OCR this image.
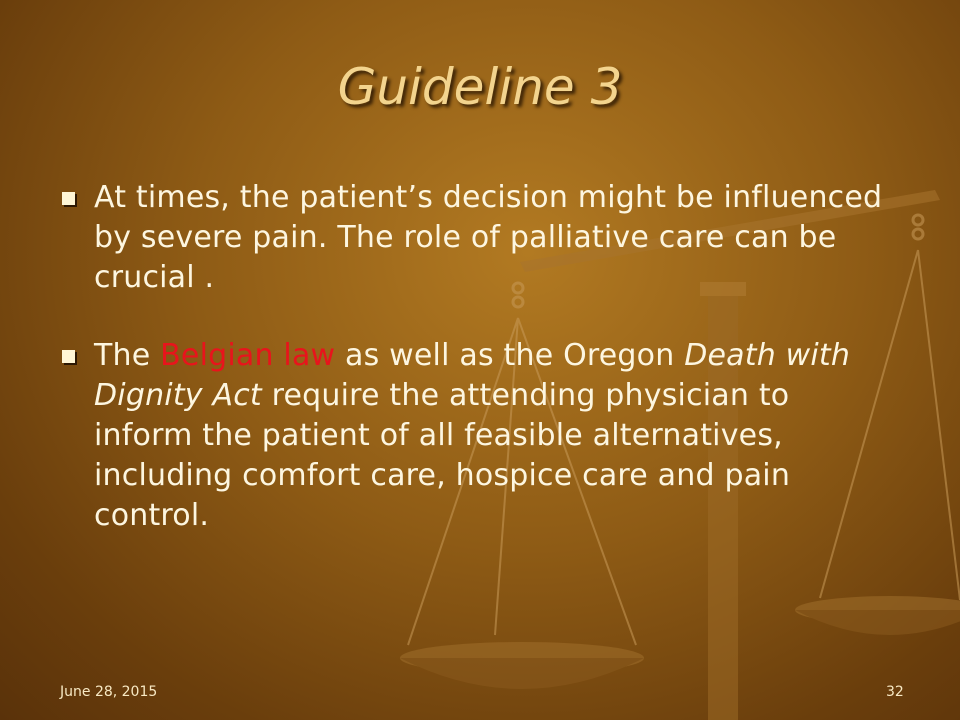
Guideline 3
At times, the patient’s decision might be influenced by severe pain. The role of palliative care can be crucial .
The Belgian law as well as the Oregon Death with Dignity Act require the attending physician to inform the patient of all feasible alternatives, including comfort care, hospice care and pain control.
June 28, 2015	32
